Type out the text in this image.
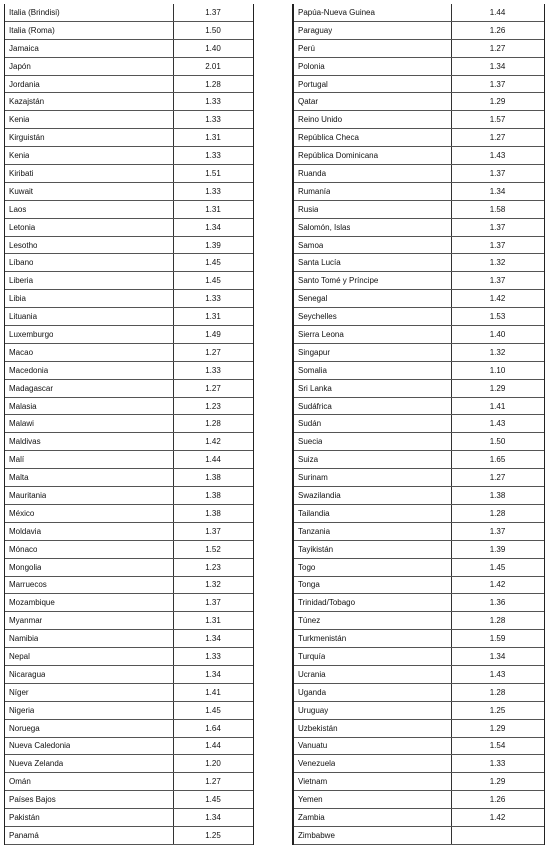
Italia (Brindisi)	1.37
Italia (Roma)	1.50
Jamaica	1.40
Japón	2.01
Jordania	1.28
Kazajstán	1.33
Kenia	1.33
Kirguistán	1.31
Kenia	1.33
Kiribati	1.51
Kuwait	1.33
Laos	1.31
Letonia	1.34
Lesotho	1.39
Líbano	1.45
Liberia	1.45
Libia	1.33
Lituania	1.31
Luxemburgo	1.49
Macao	1.27
Macedonia	1.33
Madagascar	1.27
Malasia	1.23
Malawi	1.28
Maldivas	1.42
Malí	1.44
Malta	1.38
Mauritania	1.38
México	1.38
Moldavia	1.37
Mónaco	1.52
Mongolia	1.23
Marruecos	1.32
Mozambique	1.37
Myanmar	1.31
Namibia	1.34
Nepal	1.33
Nicaragua	1.34
Níger	1.41
Nigeria	1.45
Noruega	1.64
Nueva Caledonia	1.44
Nueva Zelanda	1.20
Omán	1.27
Países Bajos	1.45
Pakistán	1.34
Panamá	1.25
Papúa-Nueva Guinea	1.44
Paraguay	1.26
Perú	1.27
Polonia	1.34
Portugal	1.37
Qatar	1.29
Reino Unido	1.57
República Checa	1.27
República Dominicana	1.43
Ruanda	1.37
Rumanía	1.34
Rusia	1.58
Salomón, Islas	1.37
Samoa	1.37
Santa Lucía	1.32
Santo Tomé y Príncipe	1.37
Senegal	1.42
Seychelles	1.53
Sierra Leona	1.40
Singapur	1.32
Somalia	1.10
Sri Lanka	1.29
Sudáfrica	1.41
Sudán	1.43
Suecia	1.50
Suiza	1.65
Surinam	1.27
Swazilandia	1.38
Tailandia	1.28
Tanzania	1.37
Tayikistán	1.39
Togo	1.45
Tonga	1.42
Trinidad/Tobago	1.36
Túnez	1.28
Turkmenistán	1.59
Turquía	1.34
Ucrania	1.43
Uganda	1.28
Uruguay	1.25
Uzbekistán	1.29
Vanuatu	1.54
Venezuela	1.33
Vietnam	1.29
Yemen	1.26
Zambia	1.42
Zimbabwe
